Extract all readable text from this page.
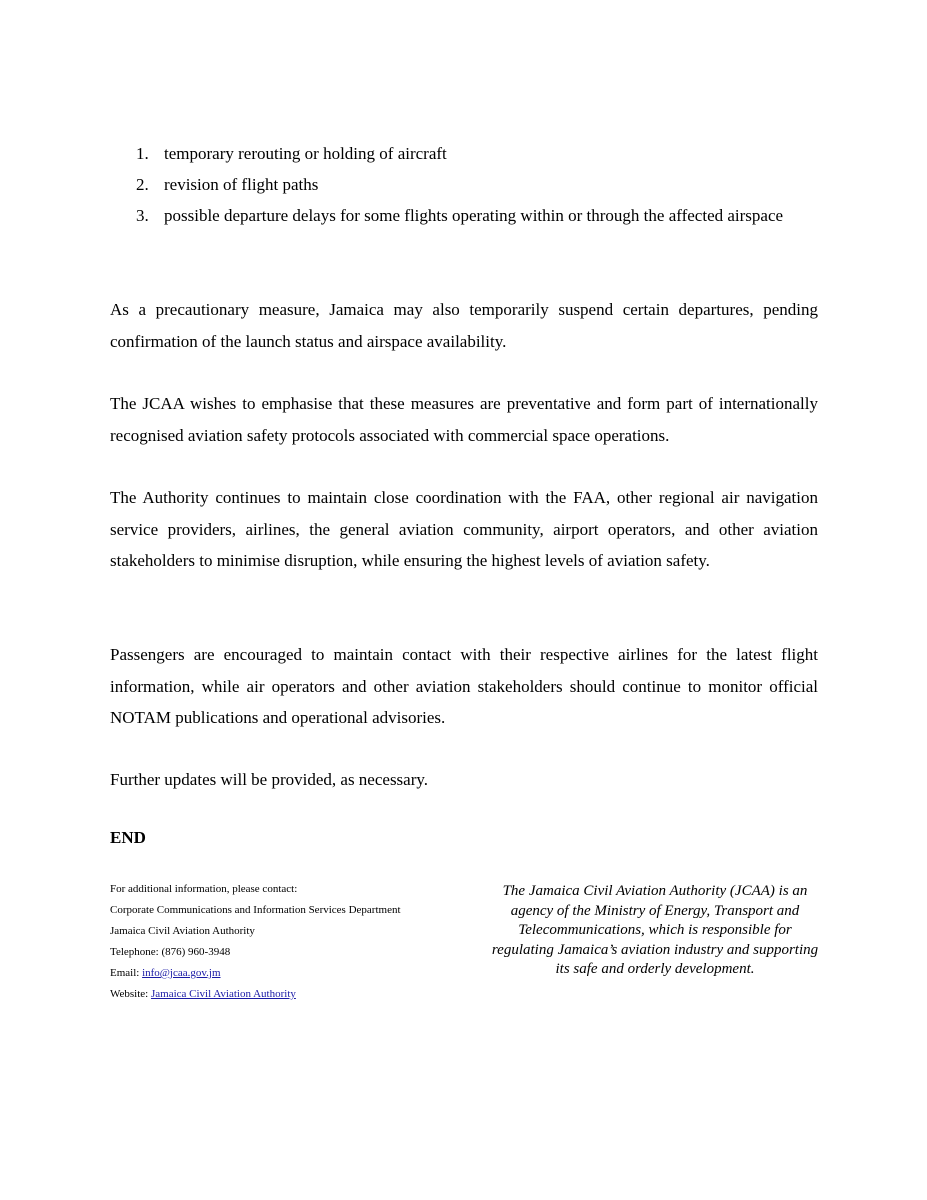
1. temporary rerouting or holding of aircraft
2. revision of flight paths
3. possible departure delays for some flights operating within or through the affected airspace

As a precautionary measure, Jamaica may also temporarily suspend certain departures, pending confirmation of the launch status and airspace availability.

The JCAA wishes to emphasise that these measures are preventative and form part of internationally recognised aviation safety protocols associated with commercial space operations.

The Authority continues to maintain close coordination with the FAA, other regional air navigation service providers, airlines, the general aviation community, airport operators, and other aviation stakeholders to minimise disruption, while ensuring the highest levels of aviation safety.

Passengers are encouraged to maintain contact with their respective airlines for the latest flight information, while air operators and other aviation stakeholders should continue to monitor official NOTAM publications and operational advisories.

Further updates will be provided, as necessary.

END

For additional information, please contact:
Corporate Communications and Information Services Department
Jamaica Civil Aviation Authority
Telephone: (876) 960-3948
Email: info@jcaa.gov.jm
Website: Jamaica Civil Aviation Authority

The Jamaica Civil Aviation Authority (JCAA) is an agency of the Ministry of Energy, Transport and Telecommunications, which is responsible for regulating Jamaica’s aviation industry and supporting its safe and orderly development.
